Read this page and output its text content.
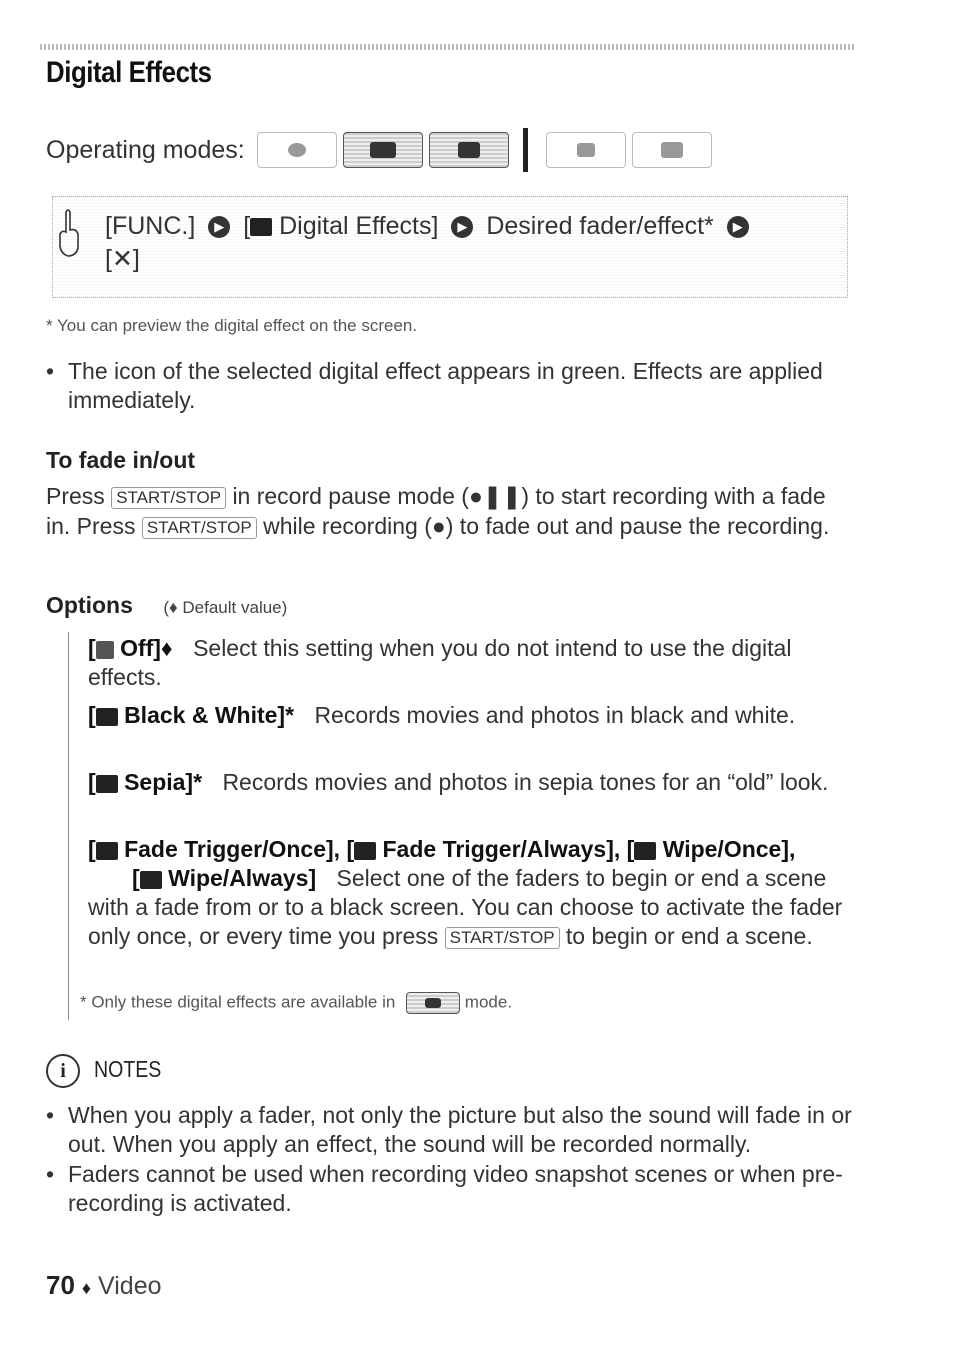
Digital Effects
Operating modes:
[FUNC.] ▶ [ Digital Effects] ▶ Desired fader/effect* ▶
[✕]
* You can preview the digital effect on the screen.
• The icon of the selected digital effect appears in green. Effects are applied immediately.
To fade in/out
Press START/STOP in record pause mode (●❚❚) to start recording with a fade in. Press START/STOP while recording (●) to fade out and pause the recording.
Options (♦ Default value)
[ Off]♦ Select this setting when you do not intend to use the digital effects.
[ Black & White]* Records movies and photos in black and white.
[ Sepia]* Records movies and photos in sepia tones for an “old” look.
[ Fade Trigger/Once], [ Fade Trigger/Always], [ Wipe/Once],
[ Wipe/Always] Select one of the faders to begin or end a scene with a fade from or to a black screen. You can choose to activate the fader only once, or every time you press START/STOP to begin or end a scene.
* Only these digital effects are available in	mode.
i	NOTES
• When you apply a fader, not only the picture but also the sound will fade in or out. When you apply an effect, the sound will be recorded normally.
• Faders cannot be used when recording video snapshot scenes or when pre-recording is activated.
70 ♦ Video
